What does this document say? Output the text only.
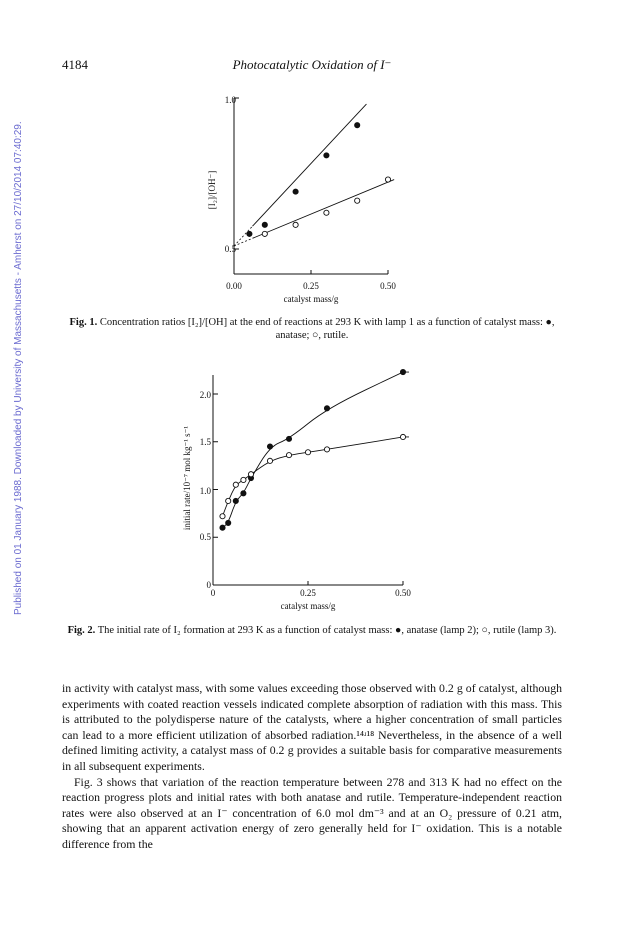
4184	Photocatalytic Oxidation of I⁻
Published on 01 January 1988. Downloaded by University of Massachusetts - Amherst on 27/10/2014 07:40:29.
1.0
0.5
0.00	0.25	0.50
catalyst mass/g
[I₂]/[OH⁻]
Fig. 1. Concentration ratios [I₂]/[OH] at the end of reactions at 293 K with lamp 1 as a function of catalyst mass: ●, anatase; ○, rutile.
0
0.5
1.0
1.5
2.0
0	0.25	0.50
catalyst mass/g
initial rate/10⁻⁷ mol kg⁻¹ s⁻¹
Fig. 2. The initial rate of I₂ formation at 293 K as a function of catalyst mass: ●, anatase (lamp 2); ○, rutile (lamp 3).

in activity with catalyst mass, with some values exceeding those observed with 0.2 g of catalyst, although experiments with coated reaction vessels indicated complete absorption of radiation with this mass. This is attributed to the polydisperse nature of the catalysts, where a higher concentration of small particles can lead to a more efficient utilization of absorbed radiation.¹⁴ʴ¹⁸ Nevertheless, in the absence of a well defined limiting activity, a catalyst mass of 0.2 g provides a suitable basis for comparative measurements in all subsequent experiments.

Fig. 3 shows that variation of the reaction temperature between 278 and 313 K had no effect on the reaction progress plots and initial rates with both anatase and rutile. Temperature-independent reaction rates were also observed at an I⁻ concentration of 6.0 mol dm⁻³ and at an O₂ pressure of 0.21 atm, showing that an apparent activation energy of zero generally held for I⁻ oxidation. This is a notable difference from the
